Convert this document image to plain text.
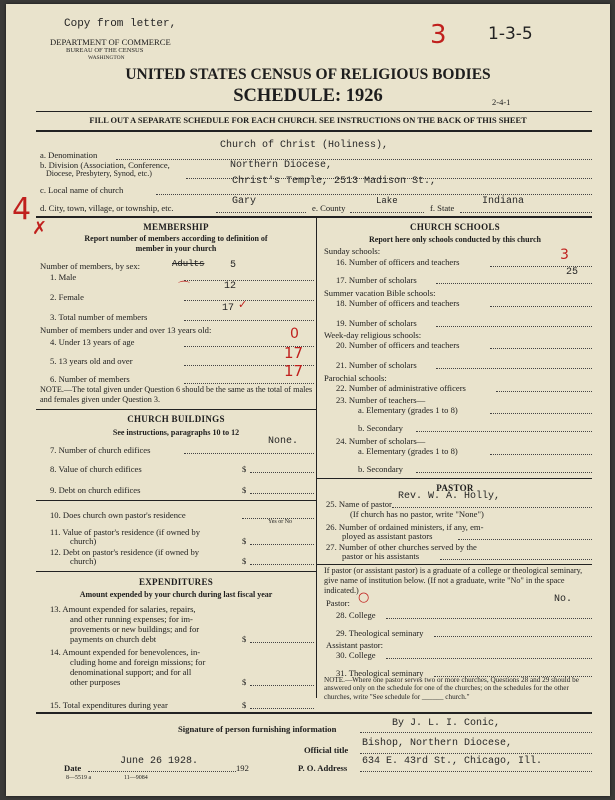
Copy from letter,
DEPARTMENT OF COMMERCE
BUREAU OF THE CENSUS
WASHINGTON
3 1-3-5
UNITED STATES CENSUS OF RELIGIOUS BODIES
SCHEDULE: 1926	2-4-1
FILL OUT A SEPARATE SCHEDULE FOR EACH CHURCH. SEE INSTRUCTIONS ON THE BACK OF THIS SHEET
a. Denomination
Church of Christ (Holiness),
b. Division (Association, Conference,
Diocese, Presbytery, Synod, etc.)
Northern Diocese,
c. Local name of church
Christ's Temple, 2513 Madison St.,
4
✗
d. City, town, village, or township, etc.
Gary
e. County
Lake
f. State
Indiana
MEMBERSHIP
Report number of members according to definition of
member in your church
Number of members, by sex:	Adults
1. Male
5
2. Female
12
⌒
3. Total number of members
17 ✓
Number of members under and over 13 years old:
4. Under 13 years of age	0
5. 13 years old and over	17
6. Number of members	17
NOTE.—The total given under Question 6 should be the same as the total of males and females given under Question 3.
CHURCH BUILDINGS
See instructions, paragraphs 10 to 12
7. Number of church edifices
None.
8. Value of church edifices	$
9. Debt on church edifices	$
10. Does church own pastor's residence
Yes or No
11. Value of pastor's residence (if owned by
church)	$
12. Debt on pastor's residence (if owned by
church)	$
EXPENDITURES
Amount expended by your church during last fiscal year
13. Amount expended for salaries, repairs,
and other running expenses; for im-
provements or new buildings; and for
payments on church debt	$
14. Amount expended for benevolences, in-
cluding home and foreign missions; for
denominational support; and for all
other purposes	$
15. Total expenditures during year	$
CHURCH SCHOOLS
Report here only schools conducted by this church
Sunday schools:
16. Number of officers and teachers	3
17. Number of scholars
25
Summer vacation Bible schools:
18. Number of officers and teachers
19. Number of scholars
Week-day religious schools:
20. Number of officers and teachers
21. Number of scholars
Parochial schools:
22. Number of administrative officers
23. Number of teachers—
a. Elementary (grades 1 to 8)
b. Secondary
24. Number of scholars—
a. Elementary (grades 1 to 8)
b. Secondary
PASTOR
25. Name of pastor
Rev. W. A. Holly,
(If church has no pastor, write "None")
26. Number of ordained ministers, if any, em-
ployed as assistant pastors
27. Number of other churches served by the
pastor or his assistants
If pastor (or assistant pastor) is a graduate of a college or theological seminary, give name of institution below. (If not a graduate, write "No" in the space indicated.)
Pastor: ○	No.
28. College
29. Theological seminary
Assistant pastor:
30. College
31. Theological seminary
NOTE.—Where one pastor serves two or more churches, Questions 28 and 29 should be answered only on the schedule for one of the churches; on the schedules for the other churches, write "See schedule for ______ church."
Signature of person furnishing information	By J. L. I. Conic,
Official title
Bishop, Northern Diocese,
Date
June 26 1928.
192	P. O. Address
634 E. 43rd St., Chicago, Ill.
8—5519 a	11—9084
